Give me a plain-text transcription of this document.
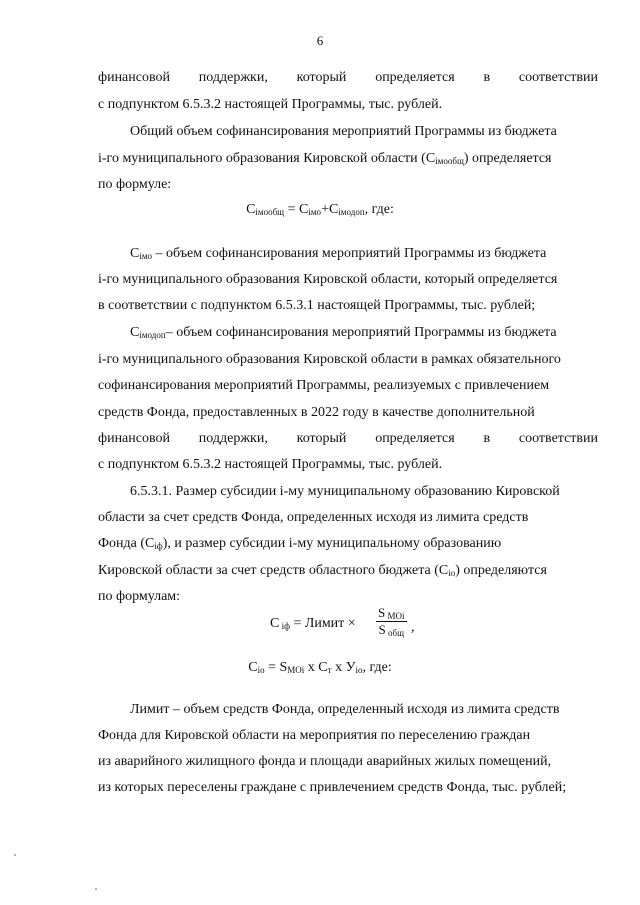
6
финансовой поддержки, который определяется в соответствии
с подпунктом 6.5.3.2 настоящей Программы, тыс. рублей.
Общий объем софинансирования мероприятий Программы из бюджета
i-го муниципального образования Кировской области $(С_{iмообщ})$ определяется
по формуле:
$С_{iмообщ} = С_{iмо}+С_{iмодоп}$, где:
$С_{iмо}$ – объем софинансирования мероприятий Программы из бюджета
i-го муниципального образования Кировской области, который определяется
в соответствии с подпунктом 6.5.3.1 настоящей Программы, тыс. рублей;
$С_{iмодоп}-$ объем софинансирования мероприятий Программы из бюджета
i-го муниципального образования Кировской области в рамках обязательного
софинансирования мероприятий Программы, реализуемых с привлечением
средств Фонда, предоставленных в 2022 году в качестве дополнительной
финансовой поддержки, который определяется в соответствии
с подпунктом 6.5.3.2 настоящей Программы, тыс. рублей.
6.5.3.1. Размер субсидии i-му муниципальному образованию Кировской
области за счет средств Фонда, определенных исходя из лимита средств
Фонда $(С_{iф})$, и размер субсидии i-му муниципальному образованию
Кировской области за счет средств областного бюджета $(С_{iо})$ определяются
по формулам:
С $_{iф}$ = Лимит ×
S $_{MOi}$
S $_{общ}$ ,
$С_{iо} = S_{MOi}$ х $С_т$ х $У_{iо}$, где:
Лимит – объем средств Фонда, определенный исходя из лимита средств
Фонда для Кировской области на мероприятия по переселению граждан
из аварийного жилищного фонда и площади аварийных жилых помещений,
из которых переселены граждане с привлечением средств Фонда, тыс. рублей;
